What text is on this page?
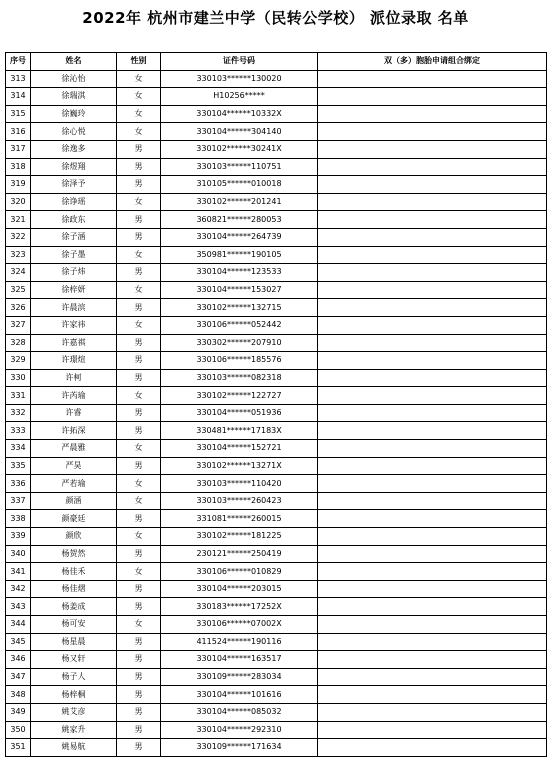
2022年 杭州市建兰中学（民转公学校） 派位录取 名单
序号	姓名	性别	证件号码	双（多）胞胎申请组合绑定
313	徐沁怡	女	330103******130020	
314	徐瑞淇	女	H10256*****	
315	徐巍玲	女	330104******10332X	
316	徐心悦	女	330104******304140	
317	徐逸多	男	330102******30241X	
318	徐煜翔	男	330103******110751	
319	徐泽予	男	310105******010018	
320	徐诤瑶	女	330102******201241	
321	徐政东	男	360821******280053	
322	徐子涵	男	330104******264739	
323	徐子墨	女	350981******190105	
324	徐子炜	男	330104******123533	
325	徐梓妍	女	330104******153027	
326	许晨滨	男	330102******132715	
327	许家祎	女	330106******052442	
328	许嘉祺	男	330302******207910	
329	许璟煊	男	330106******185576	
330	许柯	男	330103******082318	
331	许芮瑜	女	330102******122727	
332	许睿	男	330104******051936	
333	许拓深	男	330481******17183X	
334	严晨雅	女	330104******152721	
335	严昊	男	330102******13271X	
336	严若瑜	女	330103******110420	
337	颜涵	女	330103******260423	
338	颜豪廷	男	331081******260015	
339	颜欣	女	330102******181225	
340	杨贺然	男	230121******250419	
341	杨佳禾	女	330106******010829	
342	杨佳熠	男	330104******203015	
343	杨姜成	男	330183******17252X	
344	杨可安	女	330106******07002X	
345	杨星晨	男	411524******190116	
346	杨又轩	男	330104******163517	
347	杨子人	男	330109******283034	
348	杨梓桐	男	330104******101616	
349	姚艾彦	男	330104******085032	
350	姚家升	男	330104******292310	
351	姚易航	男	330109******171634	
